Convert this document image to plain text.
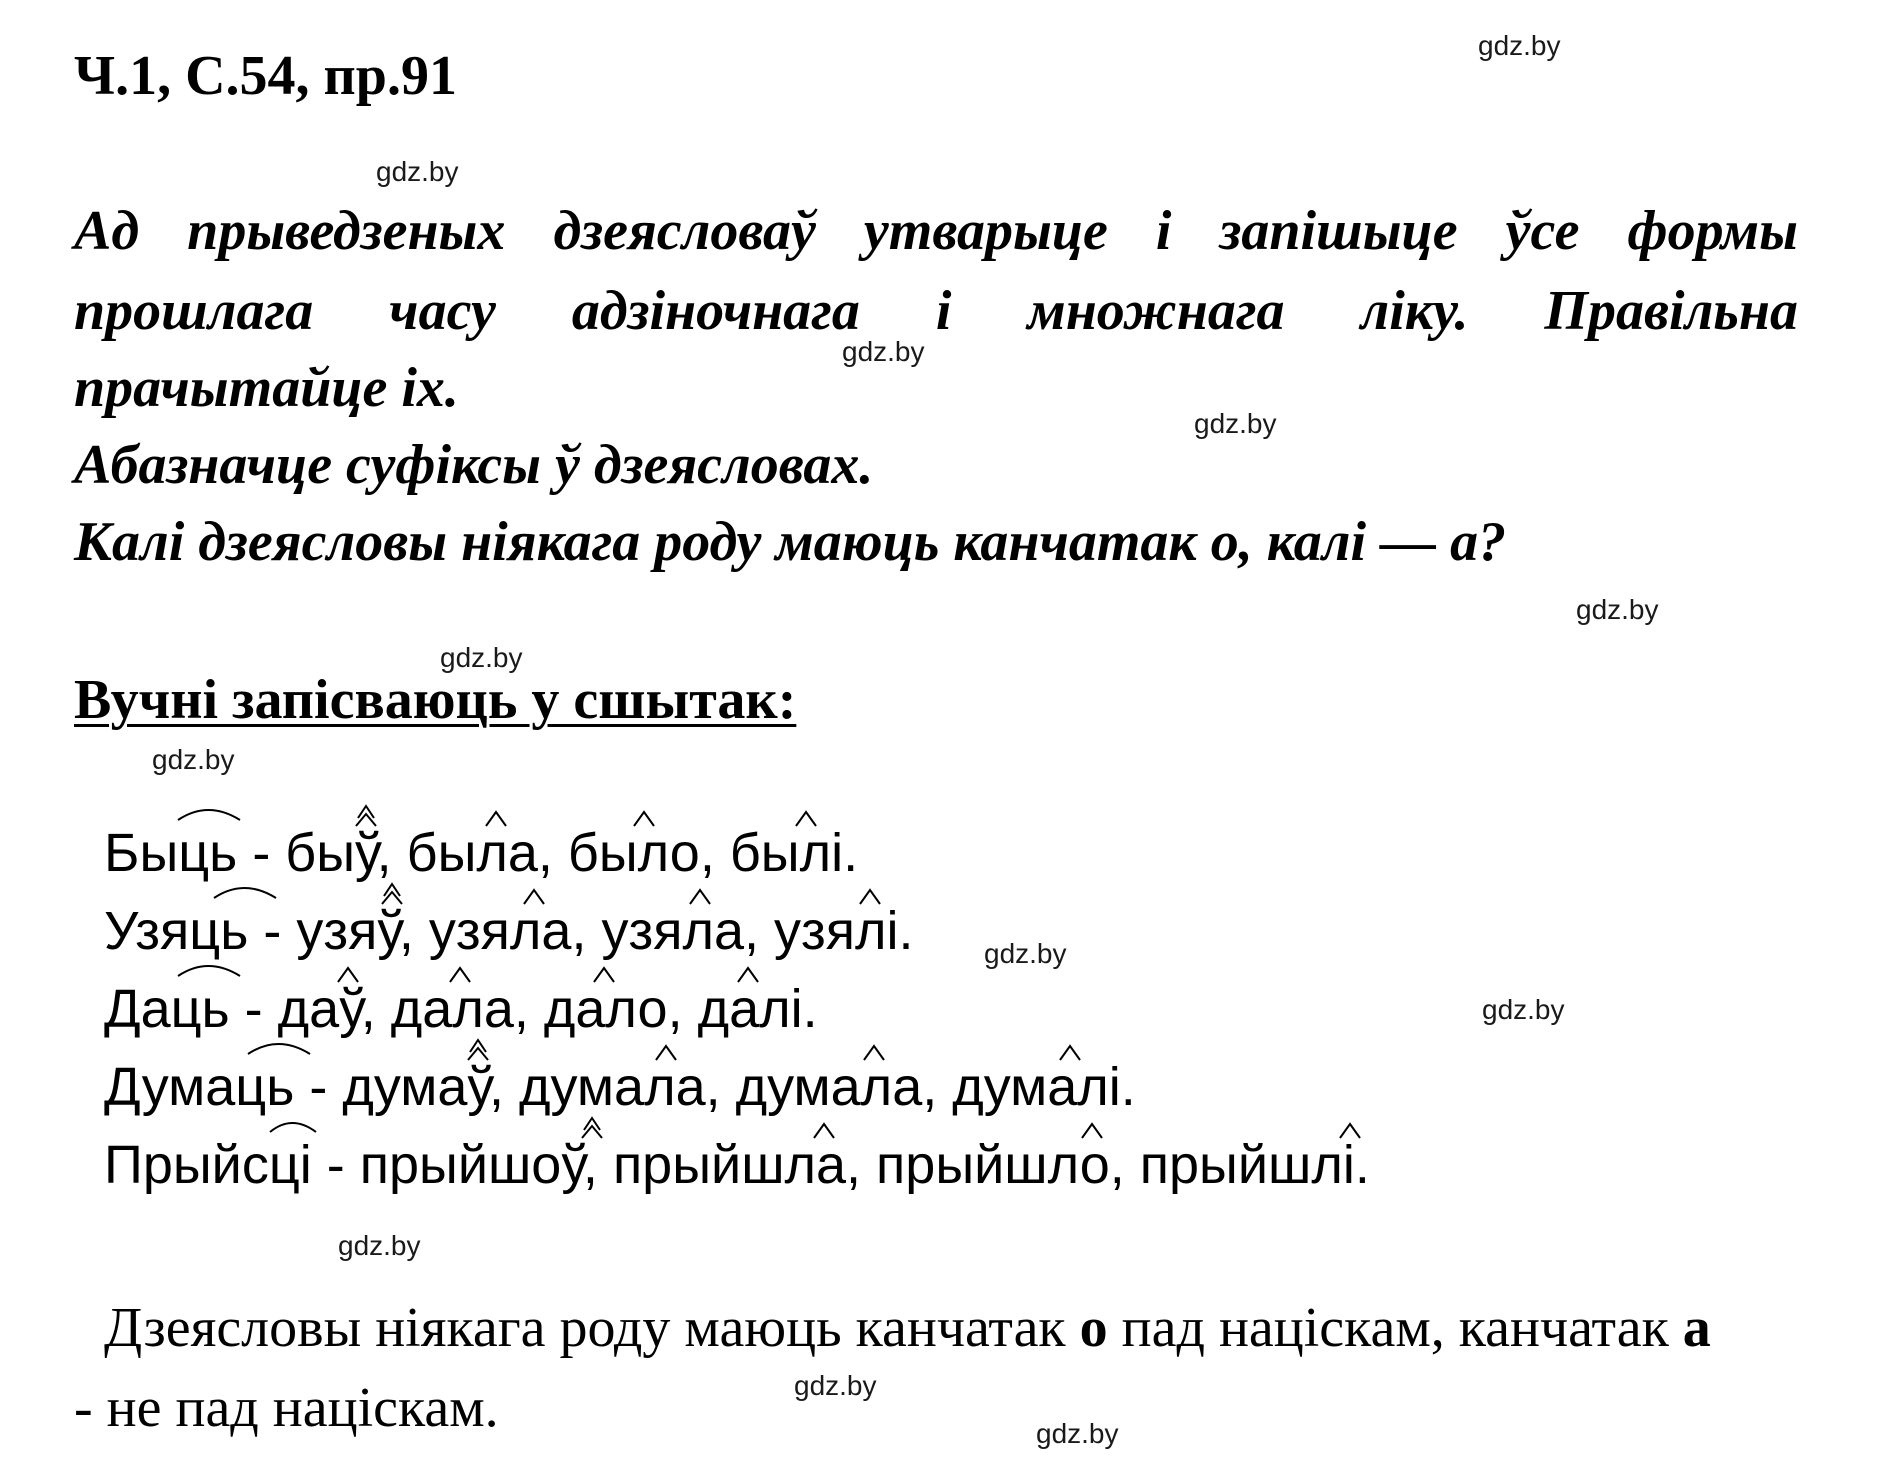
Ч.1, С.54, пр.91

Ад прыведзеных дзеясловаў утварыце і запішыце ўсе формы

прошлага часу адзіночнага і множнага ліку. Правільна

прачытайце іх.

Абазначце суфіксы ў дзеясловах.

Калі дзеясловы ніякага роду маюць канчатак о, калі — а?

Вучні запісваюць у сшытак:

Быць - быў, была, было, былі.

Узяць - узяў, узяла, узяла, узялі.

Даць - даў, дала, дало, далі.

Думаць - думаў, думала, думала, думалі.

Прыйсці - прыйшоў, прыйшла, прыйшло, прыйшлі.

Дзеясловы ніякага роду маюць канчатак о пад націскам, канчатак а

- не пад націскам.

gdz.by
gdz.by
gdz.by
gdz.by
gdz.by
gdz.by
gdz.by
gdz.by
gdz.by
gdz.by
gdz.by
gdz.by
